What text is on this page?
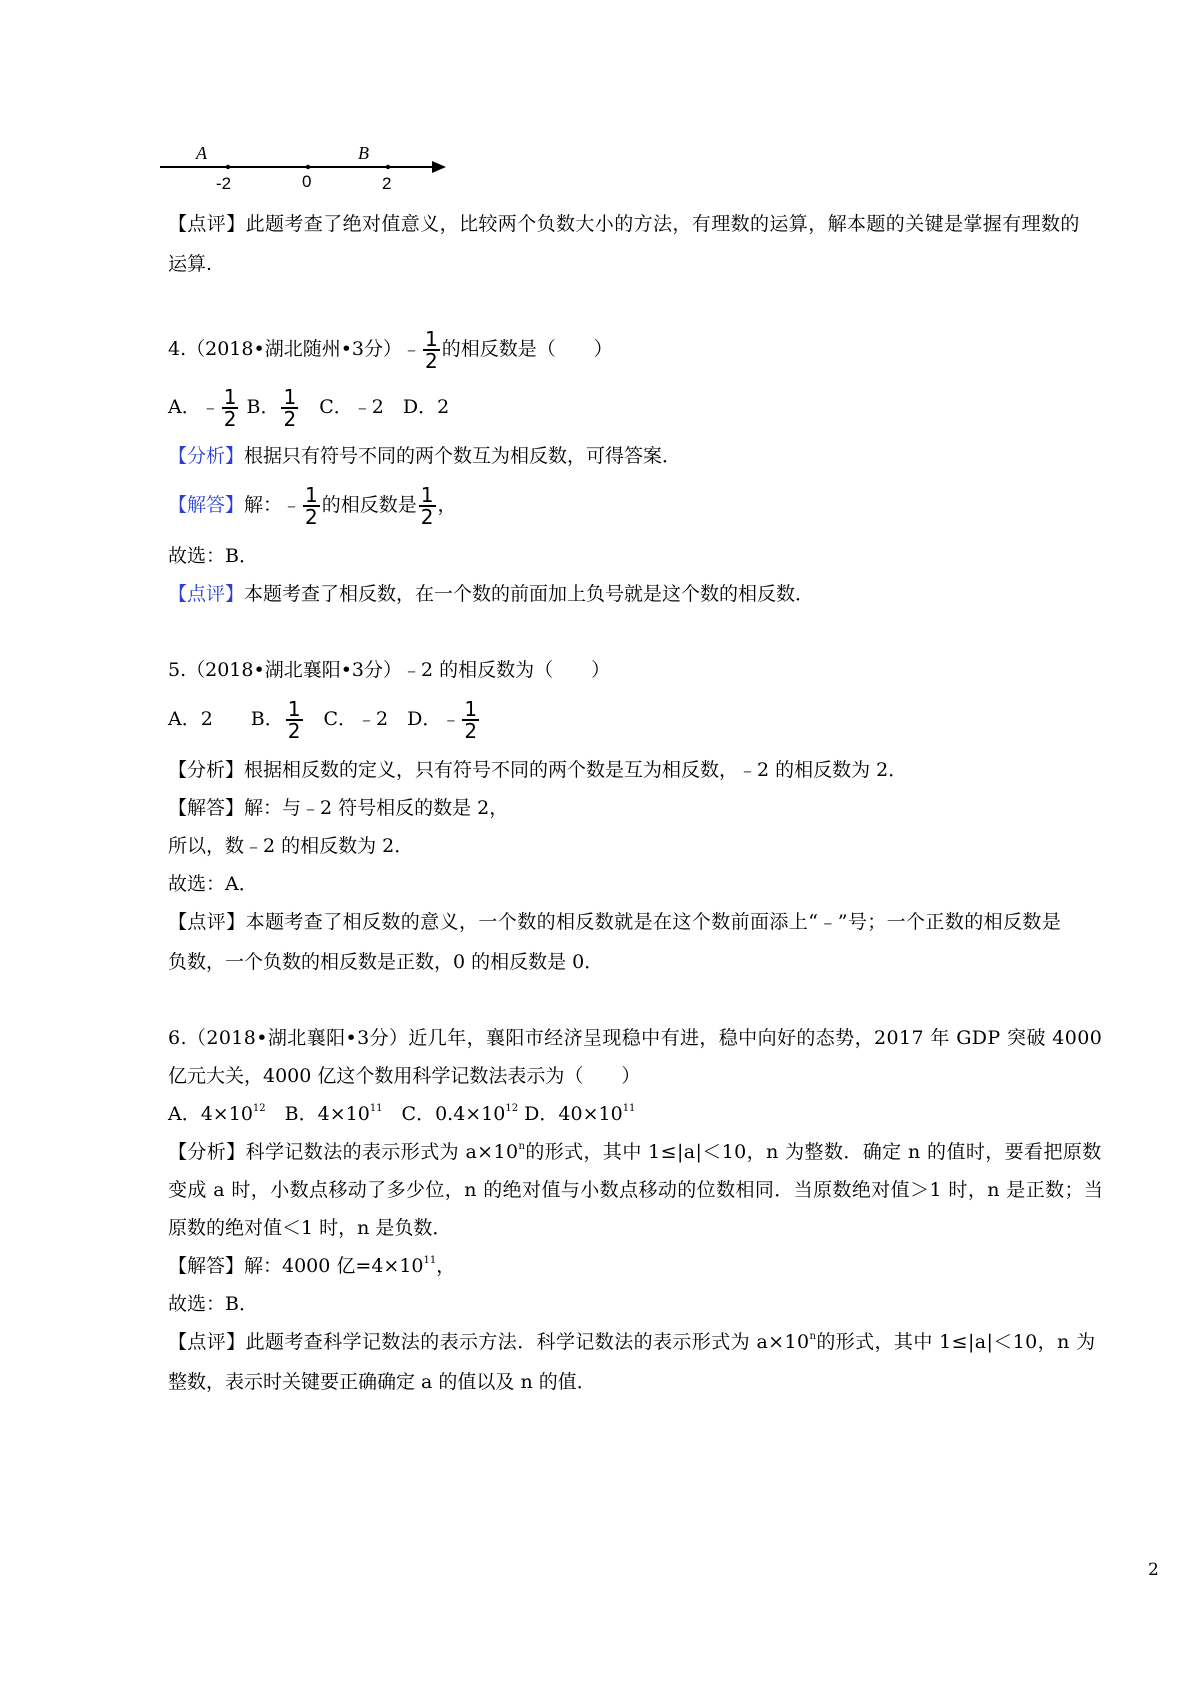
A	B
-2	0	2
【点评】此题考查了绝对值意义，比较两个负数大小的方法，有理数的运算，解本题的关键是掌握有理数的
运算.
4.（2018•湖北随州•3分）﹣ $\frac{1}{2}$ 的相反数是（　　）
A．﹣ $\frac{1}{2}$ B． $\frac{1}{2}$ 　C．﹣2　D．2
【分析】根据只有符号不同的两个数互为相反数，可得答案．
【解答】解：﹣ $\frac{1}{2}$ 的相反数是 $\frac{1}{2}$ ，
故选：B．
【点评】本题考查了相反数，在一个数的前面加上负号就是这个数的相反数．
5.（2018•湖北襄阳•3分）﹣2 的相反数为（　　）
A．2　　B． $\frac{1}{2}$ 　C．﹣2　D．﹣ $\frac{1}{2}$
【分析】根据相反数的定义，只有符号不同的两个数是互为相反数，﹣2 的相反数为 2．
【解答】解：与﹣2 符号相反的数是 2，
所以，数﹣2 的相反数为 2．
故选：A．
【点评】本题考查了相反数的意义，一个数的相反数就是在这个数前面添上“﹣”号；一个正数的相反数是
负数，一个负数的相反数是正数，0 的相反数是 0．
6.（2018•湖北襄阳•3分）近几年，襄阳市经济呈现稳中有进，稳中向好的态势，2017 年 GDP 突破 4000
亿元大关，4000 亿这个数用科学记数法表示为（　　）
A．$4\times 10^{12}$　B．$4\times 10^{11}$　C．$0.4\times 10^{12}$ D．$40\times 10^{11}$
【分析】科学记数法的表示形式为 $a\times 10^n$的形式，其中 1≤|a|＜10，n 为整数．确定 n 的值时，要看把原数
变成 a 时，小数点移动了多少位，n 的绝对值与小数点移动的位数相同．当原数绝对值＞1 时，n 是正数；当
原数的绝对值＜1 时，n 是负数．
【解答】解：4000 亿$=4\times 10^{11}$，
故选：B．
【点评】此题考查科学记数法的表示方法．科学记数法的表示形式为 $a\times 10^n$的形式，其中 1≤|a|＜10，n 为
整数，表示时关键要正确确定 a 的值以及 n 的值．
2
